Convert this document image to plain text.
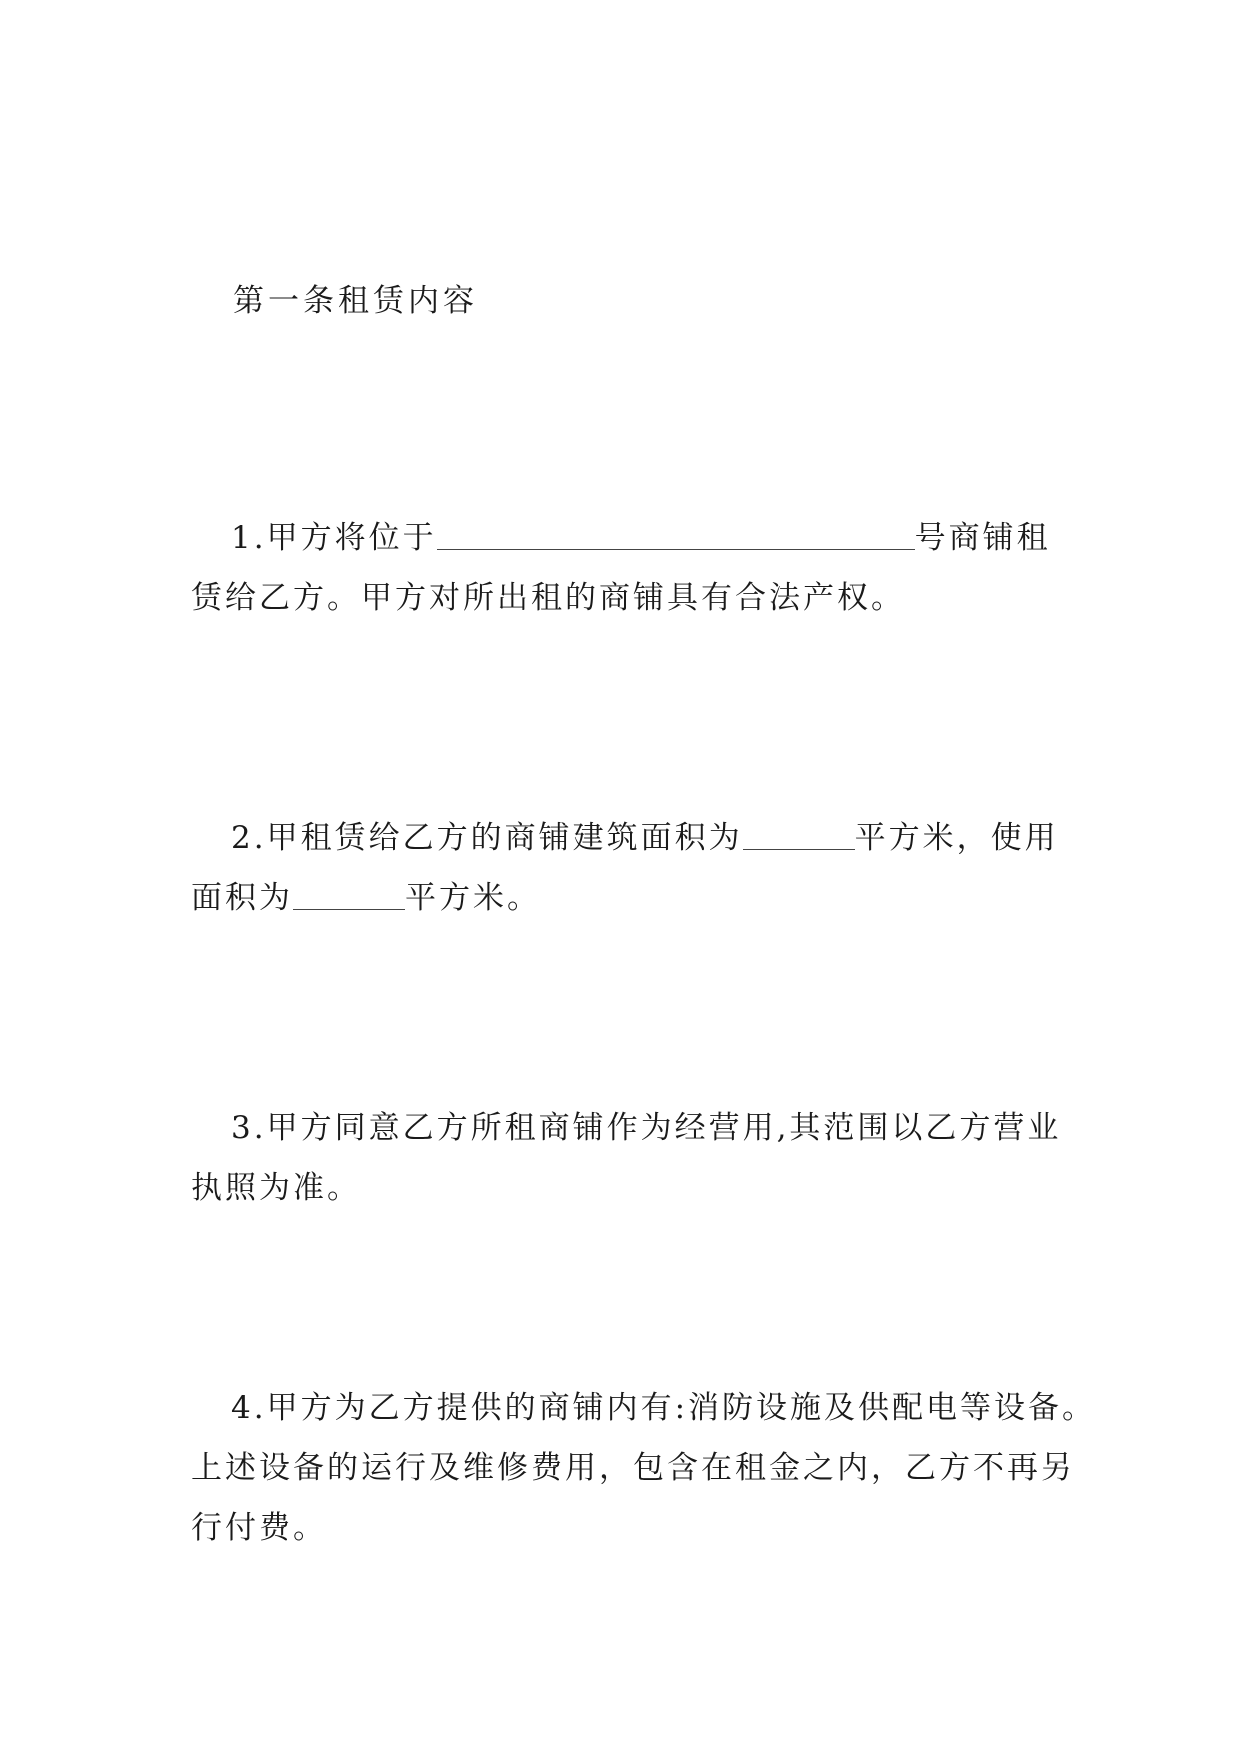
第一条租赁内容
1.甲方将位于	号商铺租
赁给乙方。甲方对所出租的商铺具有合法产权。
2.甲租赁给乙方的商铺建筑面积为	平方米，使用
面积为	平方米。
3.甲方同意乙方所租商铺作为经营用,其范围以乙方营业
执照为准。
4.甲方为乙方提供的商铺内有:消防设施及供配电等设备。
上述设备的运行及维修费用，包含在租金之内，乙方不再另
行付费。
